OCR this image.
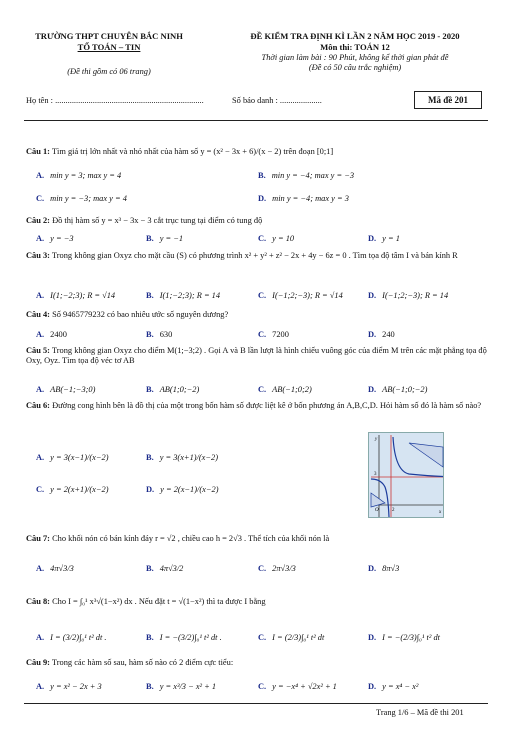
TRƯỜNG THPT CHUYÊN BẮC NINH
TỔ TOÁN – TIN
(Đề thi gồm có 06 trang)
ĐỀ KIỂM TRA ĐỊNH KÌ LẦN 2 NĂM HỌC 2019 - 2020
Môn thi: TOÁN 12
Thời gian làm bài : 90 Phút, không kể thời gian phát đề
(Đề có 50 câu trắc nghiệm)
Họ tên : .......................................................................	Số báo danh : ....................	Mã đề 201
Câu 1: Tìm giá trị lớn nhất và nhỏ nhất của hàm số y = (x² − 3x + 6)/(x − 2) trên đoạn [0;1]
A. min y = 3; max y = 4	B. min y = −4; max y = −3
C. min y = −3; max y = 4	D. min y = −4; max y = 3
Câu 2: Đồ thị hàm số y = x³ − 3x − 3 cắt trục tung tại điểm có tung độ
A. y = −3	B. y = −1	C. y = 10	D. y = 1
Câu 3: Trong không gian Oxyz cho mặt cầu (S) có phương trình x² + y² + z² − 2x + 4y − 6z = 0 . Tìm tọa độ tâm I và bán kính R
A. I(1;−2;3); R = √14	B. I(1;−2;3); R = 14	C. I(−1;2;−3); R = √14	D. I(−1;2;−3); R = 14
Câu 4: Số 9465779232 có bao nhiêu ước số nguyên dương?
A. 2400	B. 630	C. 7200	D. 240
Câu 5: Trong không gian Oxyz cho điểm M(1;−3;2) . Gọi A và B lần lượt là hình chiếu vuông góc của điểm M trên các mặt phẳng tọa độ Oxy, Oyz. Tìm tọa độ véc tơ AB
A. AB(−1;−3;0)	B. AB(1;0;−2)	C. AB(−1;0;2)	D. AB(−1;0;−2)
Câu 6: Đường cong hình bên là đồ thị của một trong bốn hàm số được liệt kê ở bốn phương án A,B,C,D. Hỏi hàm số đó là hàm số nào?
A. y = 3(x−1)/(x−2)	B. y = 3(x+1)/(x−2)
C. y = 2(x+1)/(x−2)	D. y = 2(x−1)/(x−2)
y
x
3
2
O
Câu 7: Cho khối nón có bán kính đáy r = √2 , chiều cao h = 2√3 . Thể tích của khối nón là
A. 4π√3/3	B. 4π√3/2	C. 2π√3/3	D. 8π√3
Câu 8: Cho I = ∫₀¹ x³√(1−x²) dx . Nếu đặt t = √(1−x²) thì ta được I bằng
A. I = (3/2)∫₀¹ t² dt .	B. I = −(3/2)∫₀¹ t² dt .	C. I = (2/3)∫₀¹ t² dt	D. I = −(2/3)∫₀¹ t² dt
Câu 9: Trong các hàm số sau, hàm số nào có 2 điểm cực tiểu:
A. y = x² − 2x + 3	B. y = x³/3 − x² + 1	C. y = −x⁴ + √2x² + 1	D. y = x⁴ − x²
Trang 1/6 – Mã đề thi 201
